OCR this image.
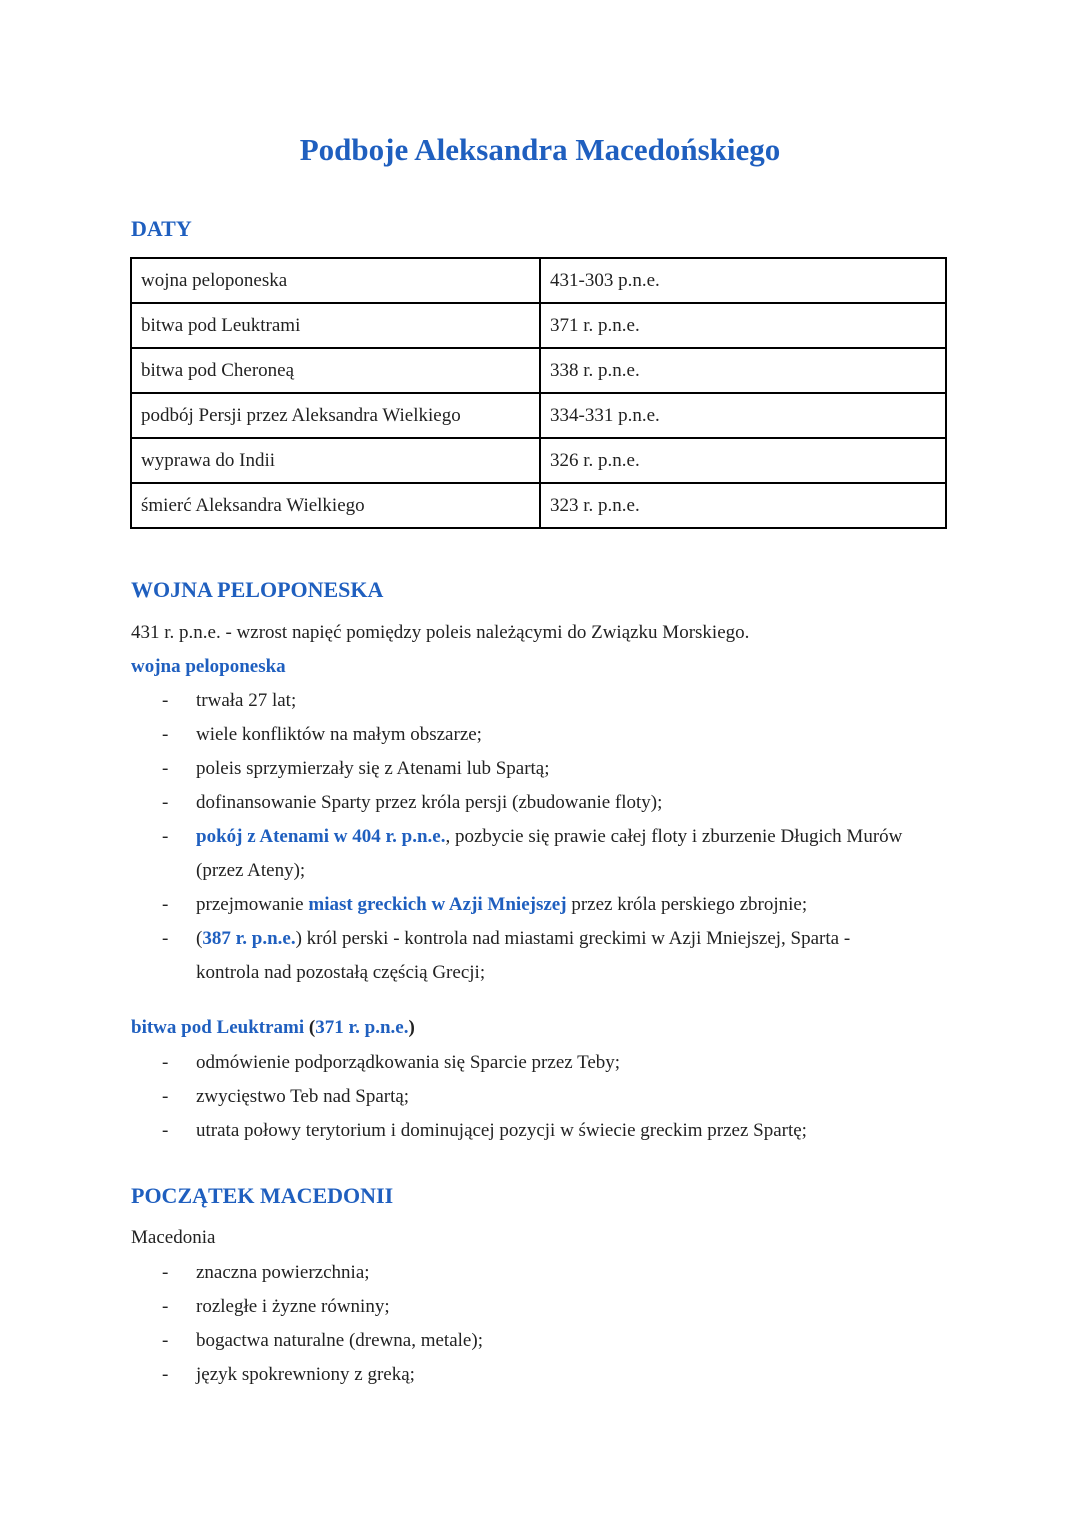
Podboje Aleksandra Macedońskiego
DATY
wojna peloponeska	431-303 p.n.e.
bitwa pod Leuktrami	371 r. p.n.e.
bitwa pod Cheroneą	338 r. p.n.e.
podbój Persji przez Aleksandra Wielkiego	334-331 p.n.e.
wyprawa do Indii	326 r. p.n.e.
śmierć Aleksandra Wielkiego	323 r. p.n.e.
WOJNA PELOPONESKA

431 r. p.n.e. - wzrost napięć pomiędzy poleis należącymi do Związku Morskiego.

wojna peloponeska

- trwała 27 lat;
- wiele konfliktów na małym obszarze;
- poleis sprzymierzały się z Atenami lub Spartą;
- dofinansowanie Sparty przez króla persji (zbudowanie floty);
- pokój z Atenami w 404 r. p.n.e., pozbycie się prawie całej floty i zburzenie Długich Murów
(przez Ateny);
- przejmowanie miast greckich w Azji Mniejszej przez króla perskiego zbrojnie;
- (387 r. p.n.e.) król perski - kontrola nad miastami greckimi w Azji Mniejszej, Sparta -
kontrola nad pozostałą częścią Grecji;

bitwa pod Leuktrami (371 r. p.n.e.)

- odmówienie podporządkowania się Sparcie przez Teby;
- zwycięstwo Teb nad Spartą;
- utrata połowy terytorium i dominującej pozycji w świecie greckim przez Spartę;
POCZĄTEK MACEDONII

Macedonia

- znaczna powierzchnia;
- rozległe i żyzne równiny;
- bogactwa naturalne (drewna, metale);
- język spokrewniony z greką;
